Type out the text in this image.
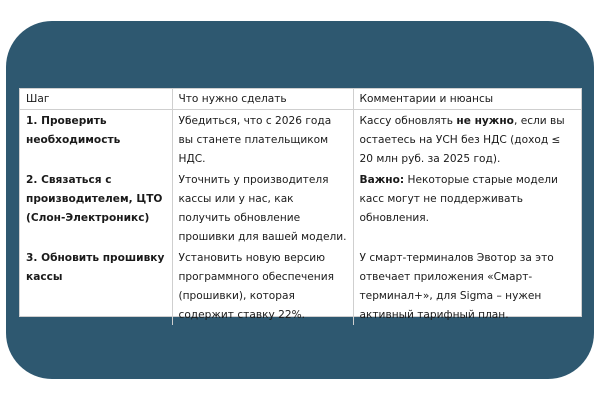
Шаг	Что нужно сделать	Комментарии и нюансы
1. Проверить необходимость	Убедиться, что с 2026 года вы станете плательщиком НДС.	Кассу обновлять не нужно, если вы остаетесь на УСН без НДС (доход ≤ 20 млн руб. за 2025 год).
2. Связаться с производителем, ЦТО (Слон-Электроникс)	Уточнить у производителя кассы или у нас, как получить обновление прошивки для вашей модели.	Важно: Некоторые старые модели касс могут не поддерживать обновления.
3. Обновить прошивку кассы	Установить новую версию программного обеспечения (прошивки), которая содержит ставку 22%.	У смарт-терминалов Эвотор за это отвечает приложения «Смарт-терминал+», для Sigma – нужен активный тарифный план.
